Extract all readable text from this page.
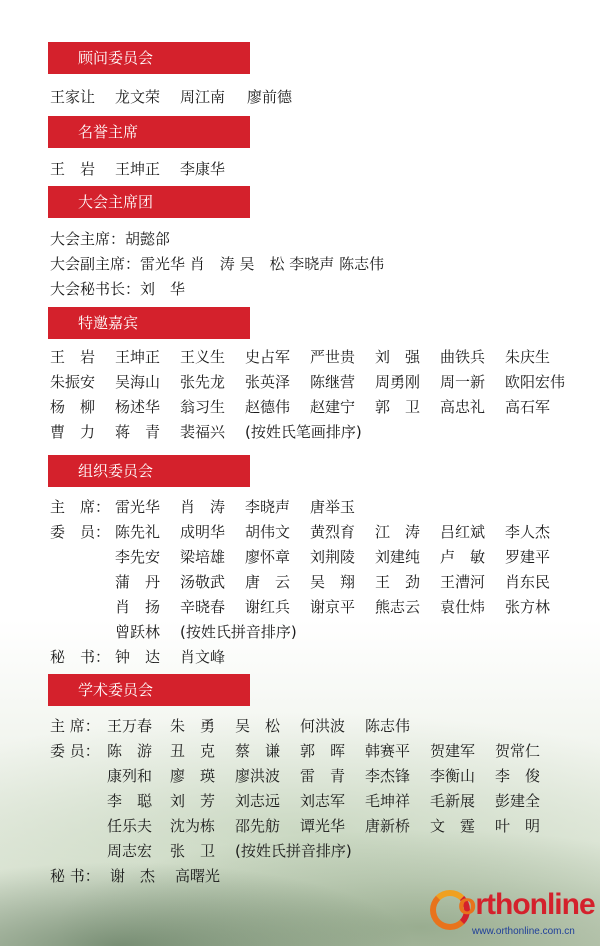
顾问委员会
王家让 龙文荣 周江南 廖前德
名誉主席
王　岩 王坤正 李康华
大会主席团
大会主席：胡懿郃
大会副主席：雷光华 肖　涛 吴　松 李晓声 陈志伟
大会秘书长：刘　华
特邀嘉宾
王　岩 王坤正 王义生 史占军 严世贵 刘　强 曲铁兵 朱庆生
朱振安 吴海山 张先龙 张英泽 陈继营 周勇刚 周一新 欧阳宏伟
杨　柳 杨述华 翁习生 赵德伟 赵建宁 郭　卫 高忠礼 高石军
曹　力 蒋　青 裴福兴 (按姓氏笔画排序)
组织委员会
主　席： 雷光华 肖　涛 李晓声 唐举玉
委　员： 陈先礼 成明华 胡伟文 黄烈育 江　涛 吕红斌 李人杰
李先安 梁培雄 廖怀章 刘荆陵 刘建纯 卢　敏 罗建平
蒲　丹 汤敬武 唐　云 吴　翔 王　劲 王漕河 肖东民
肖　扬 辛晓春 谢红兵 谢京平 熊志云 袁仕炜 张方林
曾跃林 (按姓氏拼音排序)
秘　书： 钟　达 肖文峰
学术委员会
主 席： 王万春 朱　勇 吴　松 何洪波 陈志伟
委 员： 陈　游 丑　克 蔡　谦 郭　晖 韩赛平 贺建军 贺常仁
康列和 廖　瑛 廖洪波 雷　青 李杰锋 李衡山 李　俊
李　聪 刘　芳 刘志远 刘志军 毛坤祥 毛新展 彭建全
任乐夫 沈为栋 邵先舫 谭光华 唐新桥 文　霆 叶　明
周志宏 张　卫 (按姓氏拼音排序)
秘 书： 谢　杰 高曙光
orthonline
www.orthonline.com.cn
